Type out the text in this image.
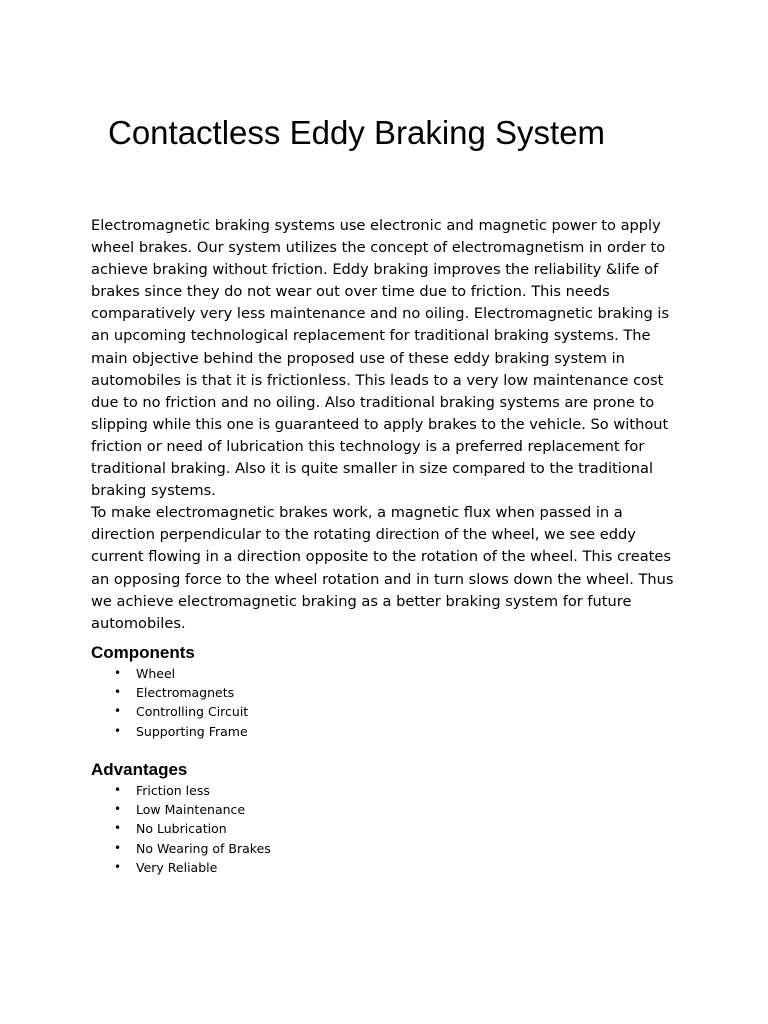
Contactless Eddy Braking System

Electromagnetic braking systems use electronic and magnetic power to apply wheel brakes. Our system utilizes the concept of electromagnetism in order to achieve braking without friction. Eddy braking improves the reliability &life of brakes since they do not wear out over time due to friction. This needs comparatively very less maintenance and no oiling. Electromagnetic braking is an upcoming technological replacement for traditional braking systems. The main objective behind the proposed use of these eddy braking system in automobiles is that it is frictionless. This leads to a very low maintenance cost due to no friction and no oiling. Also traditional braking systems are prone to slipping while this one is guaranteed to apply brakes to the vehicle. So without friction or need of lubrication this technology is a preferred replacement for traditional braking. Also it is quite smaller in size compared to the traditional braking systems.

To make electromagnetic brakes work, a magnetic flux when passed in a direction perpendicular to the rotating direction of the wheel, we see eddy current flowing in a direction opposite to the rotation of the wheel. This creates an opposing force to the wheel rotation and in turn slows down the wheel. Thus we achieve electromagnetic braking as a better braking system for future automobiles.

Components
• Wheel
• Electromagnets
• Controlling Circuit
• Supporting Frame
Advantages
• Friction less
• Low Maintenance
• No Lubrication
• No Wearing of Brakes
• Very Reliable
